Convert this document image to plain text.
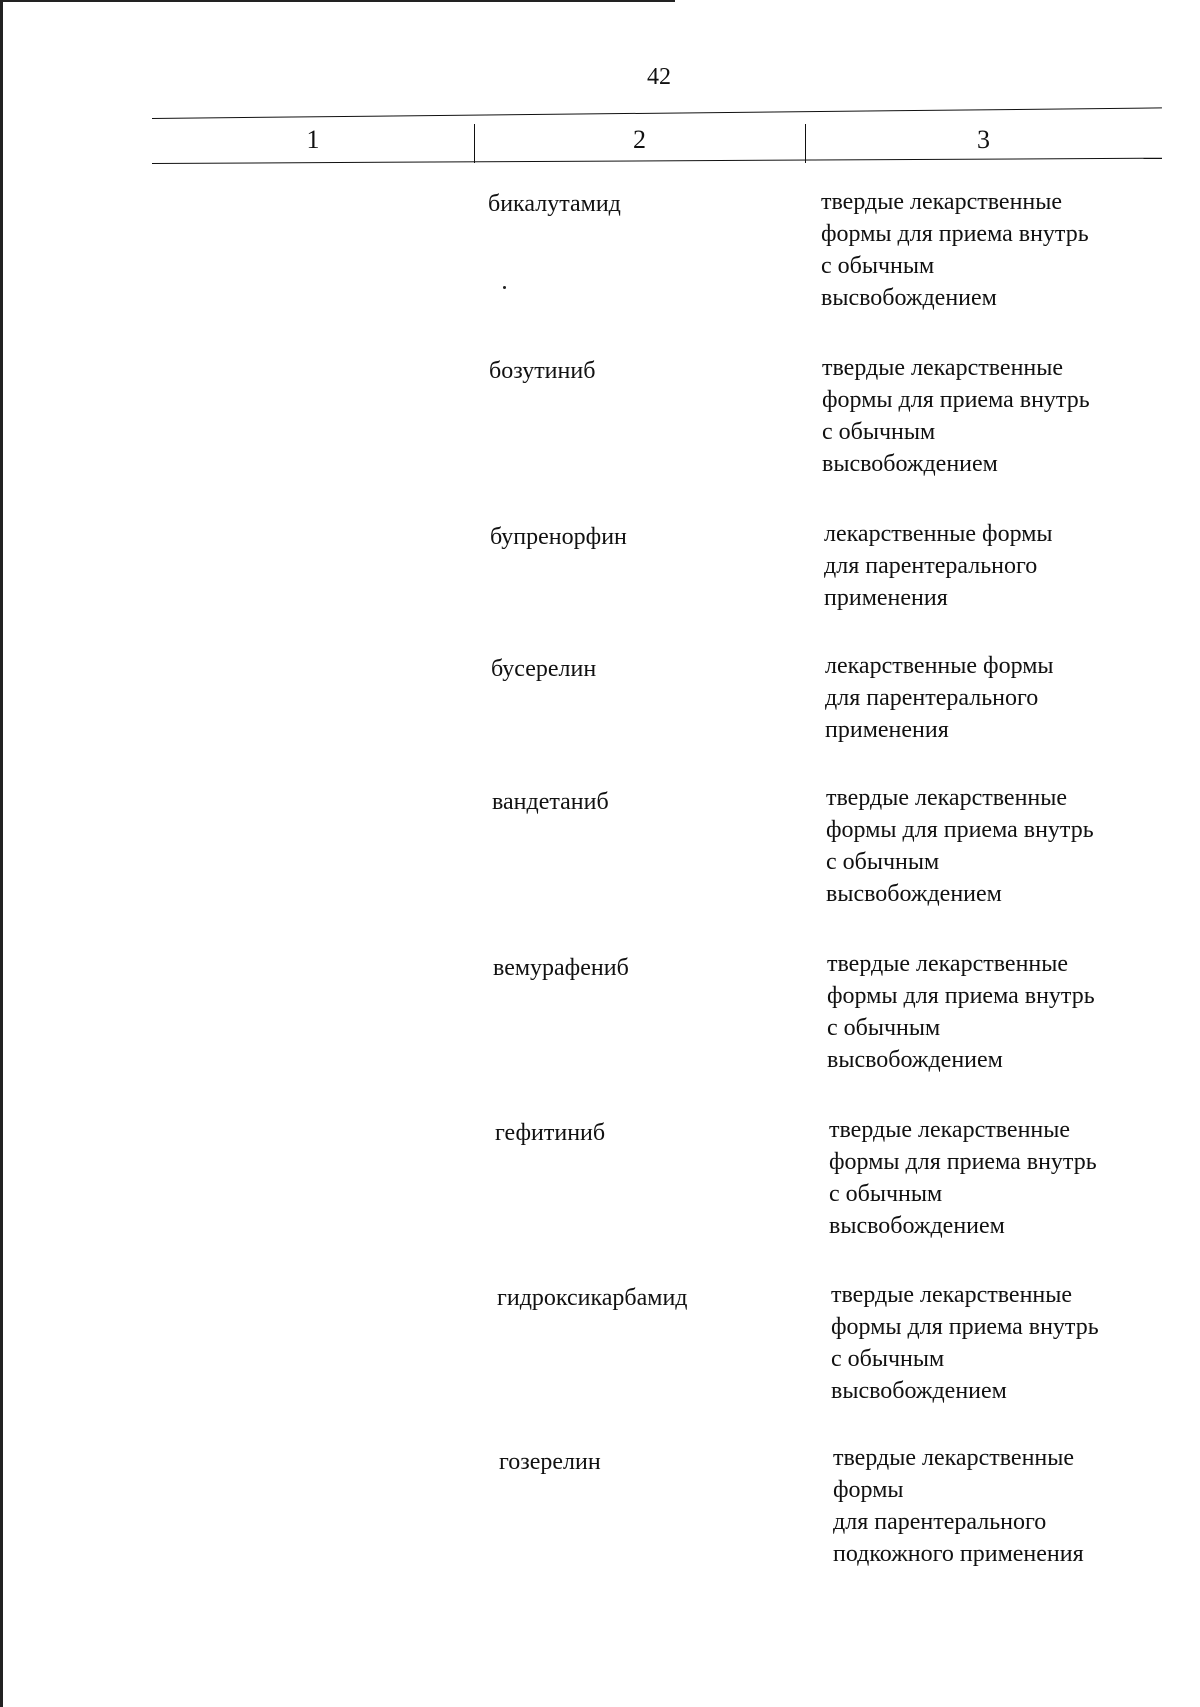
42
1	2	3
бикалутамид	твердые лекарственные
формы для приема внутрь
с обычным
высвобождением
бозутиниб	твердые лекарственные
формы для приема внутрь
с обычным
высвобождением
бупренорфин	лекарственные формы
для парентерального
применения
бусерелин	лекарственные формы
для парентерального
применения
вандетаниб	твердые лекарственные
формы для приема внутрь
с обычным
высвобождением
вемурафениб	твердые лекарственные
формы для приема внутрь
с обычным
высвобождением
гефитиниб	твердые лекарственные
формы для приема внутрь
с обычным
высвобождением
гидроксикарбамид	твердые лекарственные
формы для приема внутрь
с обычным
высвобождением
гозерелин	твердые лекарственные
формы
для парентерального
подкожного применения
